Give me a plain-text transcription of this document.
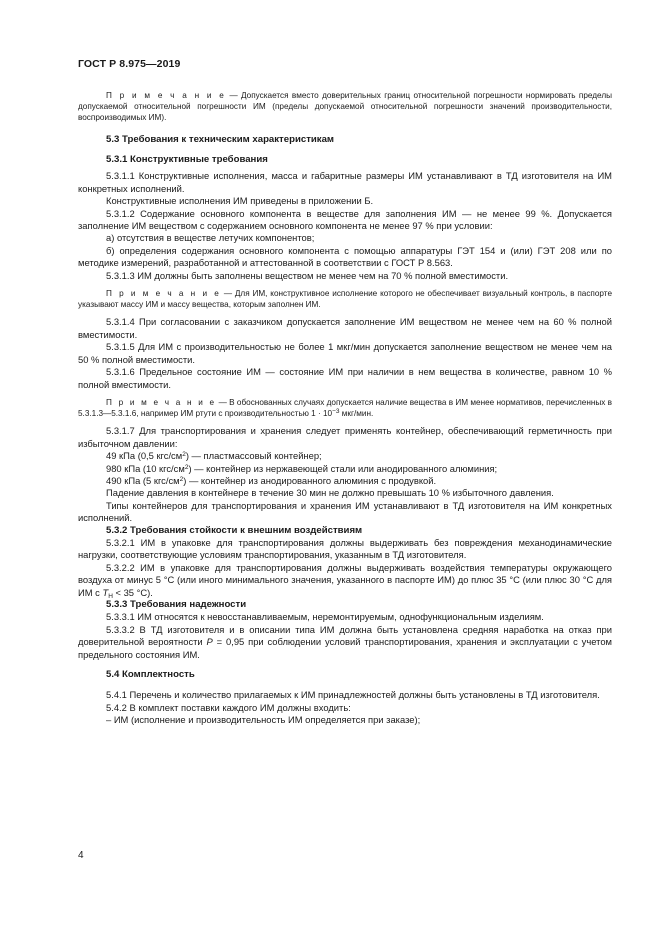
ГОСТ Р 8.975—2019

П р и м е ч а н и е — Допускается вместо доверительных границ относительной погрешности нормировать пределы допускаемой относительной погрешности ИМ (пределы допускаемой относительной погрешности значений производительности, воспроизводимых ИМ).

5.3 Требования к техническим характеристикам
5.3.1 Конструктивные требования

5.3.1.1 Конструктивные исполнения, масса и габаритные размеры ИМ устанавливают в ТД изготовителя на ИМ конкретных исполнений.

Конструктивные исполнения ИМ приведены в приложении Б.

5.3.1.2 Содержание основного компонента в веществе для заполнения ИМ — не менее 99 %. Допускается заполнение ИМ веществом с содержанием основного компонента не менее 97 % при условии:

а) отсутствия в веществе летучих компонентов;

б) определения содержания основного компонента с помощью аппаратуры ГЭТ 154 и (или) ГЭТ 208 или по методике измерений, разработанной и аттестованной в соответствии с ГОСТ Р 8.563.

5.3.1.3 ИМ должны быть заполнены веществом не менее чем на 70 % полной вместимости.

П р и м е ч а н и е — Для ИМ, конструктивное исполнение которого не обеспечивает визуальный контроль, в паспорте указывают массу ИМ и массу вещества, которым заполнен ИМ.

5.3.1.4 При согласовании с заказчиком допускается заполнение ИМ веществом не менее чем на 60 % полной вместимости.

5.3.1.5 Для ИМ с производительностью не более 1 мкг/мин допускается заполнение веществом не менее чем на 50 % полной вместимости.

5.3.1.6 Предельное состояние ИМ — состояние ИМ при наличии в нем вещества в количестве, равном 10 % полной вместимости.

П р и м е ч а н и е — В обоснованных случаях допускается наличие вещества в ИМ менее нормативов, перечисленных в 5.3.1.3—5.3.1.6, например ИМ ртути с производительностью $1 \cdot 10^{-3}$ мкг/мин.

5.3.1.7 Для транспортирования и хранения следует применять контейнер, обеспечивающий герметичность при избыточном давлении:

49 кПа (0,5 кгс/$см^2$) — пластмассовый контейнер;

980 кПа (10 кгс/$см^2$) — контейнер из нержавеющей стали или анодированного алюминия;

490 кПа (5 кгс/$см^2$) — контейнер из анодированного алюминия с продувкой.

Падение давления в контейнере в течение 30 мин не должно превышать 10 % избыточного давления.

Типы контейнеров для транспортирования и хранения ИМ устанавливают в ТД изготовителя на ИМ конкретных исполнений.

5.3.2 Требования стойкости к внешним воздействиям

5.3.2.1 ИМ в упаковке для транспортирования должны выдерживать без повреждения механодинамические нагрузки, соответствующие условиям транспортирования, указанным в ТД изготовителя.

5.3.2.2 ИМ в упаковке для транспортирования должны выдерживать воздействия температуры окружающего воздуха от минус 5 °С (или иного минимального значения, указанного в паспорте ИМ) до плюс 35 °С (или плюс 30 °С для ИМ с $T_Н < 35$ °С).

5.3.3 Требования надежности

5.3.3.1 ИМ относятся к невосстанавливаемым, неремонтируемым, однофункциональным изделиям.

5.3.3.2 В ТД изготовителя и в описании типа ИМ должна быть установлена средняя наработка на отказ при доверительной вероятности P = 0,95 при соблюдении условий транспортирования, хранения и эксплуатации с учетом предельного состояния ИМ.

5.4 Комплектность

5.4.1 Перечень и количество прилагаемых к ИМ принадлежностей должны быть установлены в ТД изготовителя.

5.4.2 В комплект поставки каждого ИМ должны входить:

– ИМ (исполнение и производительность ИМ определяется при заказе);

4
